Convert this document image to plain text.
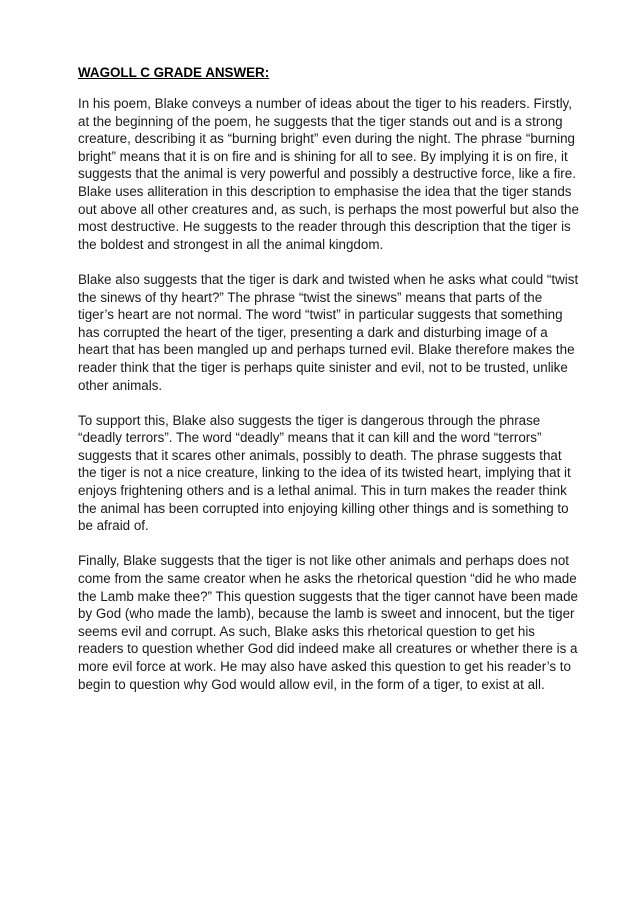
WAGOLL C GRADE ANSWER:

In his poem, Blake conveys a number of ideas about the tiger to his readers. Firstly,
at the beginning of the poem, he suggests that the tiger stands out and is a strong
creature, describing it as “burning bright” even during the night. The phrase “burning
bright” means that it is on fire and is shining for all to see. By implying it is on fire, it
suggests that the animal is very powerful and possibly a destructive force, like a fire.
Blake uses alliteration in this description to emphasise the idea that the tiger stands
out above all other creatures and, as such, is perhaps the most powerful but also the
most destructive. He suggests to the reader through this description that the tiger is
the boldest and strongest in all the animal kingdom.

Blake also suggests that the tiger is dark and twisted when he asks what could “twist
the sinews of thy heart?” The phrase “twist the sinews” means that parts of the
tiger’s heart are not normal. The word “twist” in particular suggests that something
has corrupted the heart of the tiger, presenting a dark and disturbing image of a
heart that has been mangled up and perhaps turned evil. Blake therefore makes the
reader think that the tiger is perhaps quite sinister and evil, not to be trusted, unlike
other animals.

To support this, Blake also suggests the tiger is dangerous through the phrase
“deadly terrors”. The word “deadly” means that it can kill and the word “terrors”
suggests that it scares other animals, possibly to death. The phrase suggests that
the tiger is not a nice creature, linking to the idea of its twisted heart, implying that it
enjoys frightening others and is a lethal animal. This in turn makes the reader think
the animal has been corrupted into enjoying killing other things and is something to
be afraid of.

Finally, Blake suggests that the tiger is not like other animals and perhaps does not
come from the same creator when he asks the rhetorical question “did he who made
the Lamb make thee?” This question suggests that the tiger cannot have been made
by God (who made the lamb), because the lamb is sweet and innocent, but the tiger
seems evil and corrupt. As such, Blake asks this rhetorical question to get his
readers to question whether God did indeed make all creatures or whether there is a
more evil force at work. He may also have asked this question to get his reader’s to
begin to question why God would allow evil, in the form of a tiger, to exist at all.
